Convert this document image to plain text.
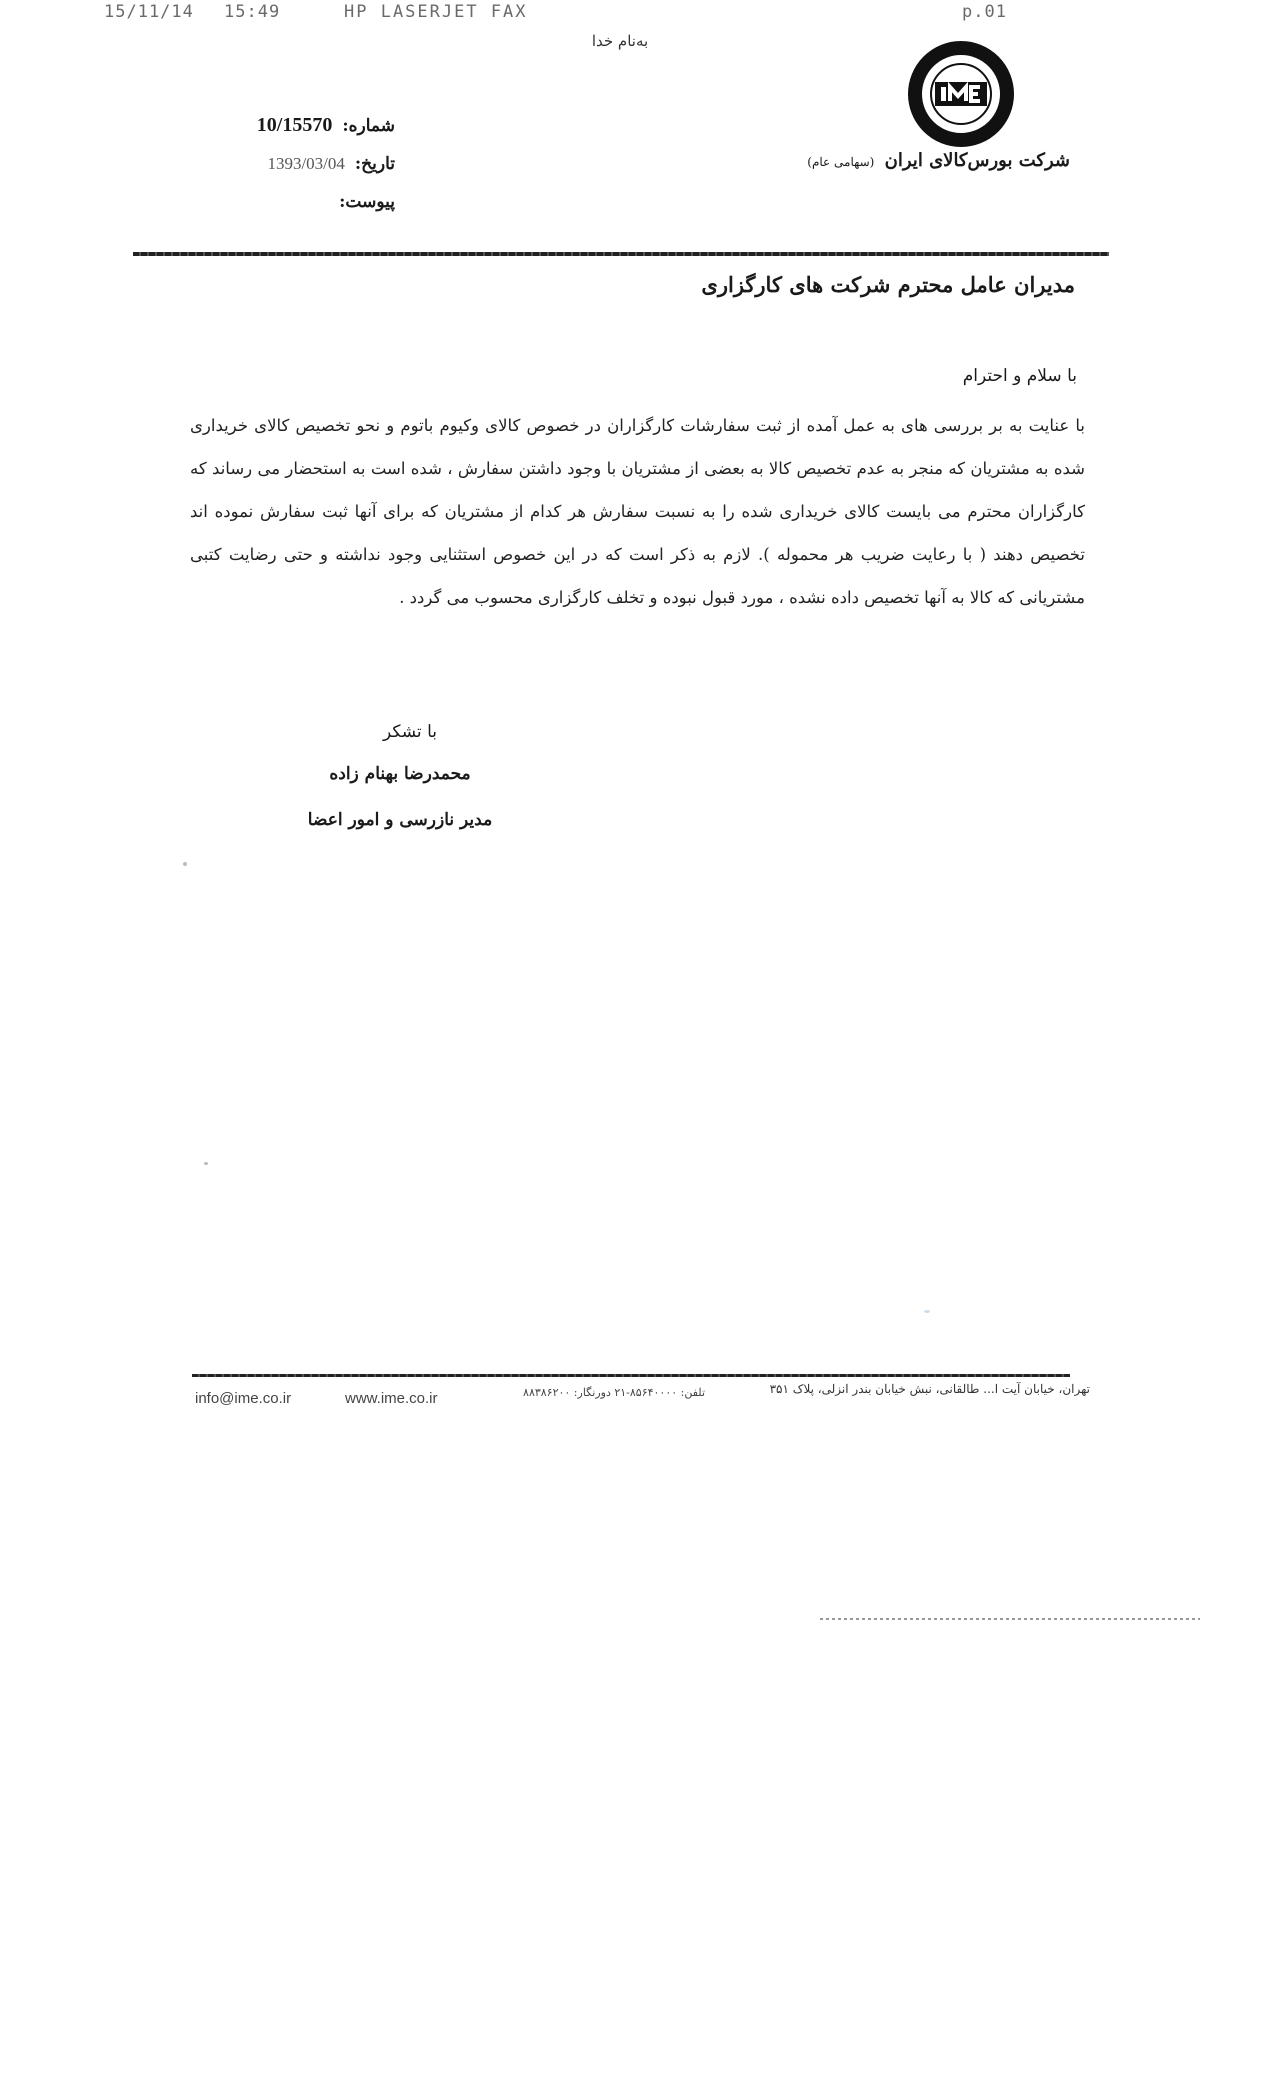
15/11/14 15:49	HP LASERJET FAX	p.01
به‌نام خدا
شرکت بورس‌کالای ایران (سهامی عام)
شماره:
10/15570
تاریخ:
1393/03/04
پیوست:
مدیران عامل محترم شرکت های کارگزاری
با سلام و احترام
با عنایت به بر بررسی های به عمل آمده از ثبت سفارشات کارگزاران در خصوص کالای وکیوم باتوم و نحو تخصیص کالای خریداری شده به مشتریان که منجر به عدم تخصیص کالا به بعضی از مشتریان با وجود داشتن سفارش ، شده است به استحضار می رساند که کارگزاران محترم می بایست کالای خریداری شده را به نسبت سفارش هر کدام از مشتریان که برای آنها ثبت سفارش نموده اند تخصیص دهند ( با رعایت ضریب هر محموله ). لازم به ذکر است که در این خصوص استثنایی وجود نداشته و حتی رضایت کتبی مشتریانی که کالا به آنها تخصیص داده نشده ، مورد قبول نبوده و تخلف کارگزاری محسوب می گردد .
با تشکر
محمدرضا بهنام زاده
مدیر نازرسی و امور اعضا
تهران، خیابان آیت ا... طالقانی، نبش خیابان بندر انزلی، پلاک ۳۵۱
تلفن: ۸۵۶۴۰۰۰۰-۲۱ دورنگار: ۸۸۳۸۶۲۰۰
www.ime.co.ir
info@ime.co.ir
